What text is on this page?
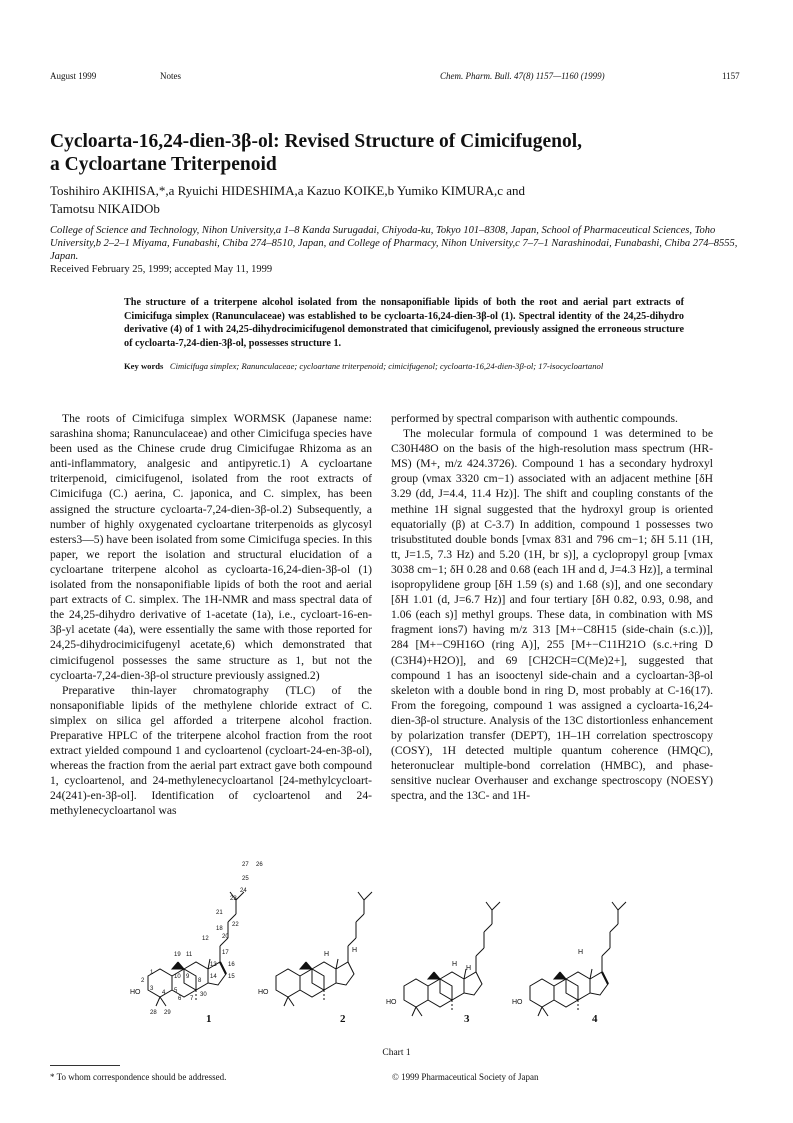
August 1999	Notes	Chem. Pharm. Bull. 47(8) 1157—1160 (1999)	1157
Cycloarta-16,24-dien-3β-ol: Revised Structure of Cimicifugenol,
a Cycloartane Triterpenoid
Toshihiro AKIHISA,*,a Ryuichi HIDESHIMA,a Kazuo KOIKE,b Yumiko KIMURA,c and
Tamotsu NIKAIDOb
College of Science and Technology, Nihon University,a 1–8 Kanda Surugadai, Chiyoda-ku, Tokyo 101–8308, Japan, School of Pharmaceutical Sciences, Toho University,b 2–2–1 Miyama, Funabashi, Chiba 274–8510, Japan, and College of Pharmacy, Nihon University,c 7–7–1 Narashinodai, Funabashi, Chiba 274–8555, Japan.
Received February 25, 1999; accepted May 11, 1999
The structure of a triterpene alcohol isolated from the nonsaponifiable lipids of both the root and aerial part extracts of Cimicifuga simplex (Ranunculaceae) was established to be cycloarta-16,24-dien-3β-ol (1). Spectral identity of the 24,25-dihydro derivative (4) of 1 with 24,25-dihydrocimicifugenol demonstrated that cimicifugenol, previously assigned the erroneous structure of cycloarta-7,24-dien-3β-ol, possesses structure 1.
Key words Cimicifuga simplex; Ranunculaceae; cycloartane triterpenoid; cimicifugenol; cycloarta-16,24-dien-3β-ol; 17-isocycloartanol

The roots of Cimicifuga simplex WORMSK (Japanese name: sarashina shoma; Ranunculaceae) and other Cimicifuga species have been used as the Chinese crude drug Cimicifugae Rhizoma as an anti-inflammatory, analgesic and antipyretic.1) A cycloartane triterpenoid, cimicifugenol, isolated from the root extracts of Cimicifuga (C.) aerina, C. japonica, and C. simplex, has been assigned the structure cycloarta-7,24-dien-3β-ol.2) Subsequently, a number of highly oxygenated cycloartane triterpenoids as glycosyl esters3—5) have been isolated from some Cimicifuga species. In this paper, we report the isolation and structural elucidation of a cycloartane triterpene alcohol as cycloarta-16,24-dien-3β-ol (1) isolated from the nonsaponifiable lipids of both the root and aerial part extracts of C. simplex. The 1H-NMR and mass spectral data of the 24,25-dihydro derivative of 1-acetate (1a), i.e., cycloart-16-en-3β-yl acetate (4a), were essentially the same with those reported for 24,25-dihydrocimicifugenyl acetate,6) which demonstrated that cimicifugenol possesses the same structure as 1, but not the cycloarta-7,24-dien-3β-ol structure previously assigned.2)

Preparative thin-layer chromatography (TLC) of the nonsaponifiable lipids of the methylene chloride extract of C. simplex on silica gel afforded a triterpene alcohol fraction. Preparative HPLC of the triterpene alcohol fraction from the root extract yielded compound 1 and cycloartenol (cycloart-24-en-3β-ol), whereas the fraction from the aerial part extract gave both compound 1, cycloartenol, and 24-methylenecycloartanol [24-methylcycloart-24(241)-en-3β-ol]. Identification of cycloartenol and 24-methylenecycloartanol was

performed by spectral comparison with authentic compounds.

The molecular formula of compound 1 was determined to be C30H48O on the basis of the high-resolution mass spectrum (HR-MS) (M+, m/z 424.3726). Compound 1 has a secondary hydroxyl group (νmax 3320 cm−1) associated with an adjacent methine [δH 3.29 (dd, J=4.4, 11.4 Hz)]. The shift and coupling constants of the methine 1H signal suggested that the hydroxyl group is oriented equatorially (β) at C-3.7) In addition, compound 1 possesses two trisubstituted double bonds [νmax 831 and 796 cm−1; δH 5.11 (1H, tt, J=1.5, 7.3 Hz) and 5.20 (1H, br s)], a cyclopropyl group [νmax 3038 cm−1; δH 0.28 and 0.68 (each 1H and d, J=4.3 Hz)], a terminal isopropylidene group [δH 1.59 (s) and 1.68 (s)], and one secondary [δH 1.01 (d, J=6.7 Hz)] and four tertiary [δH 0.82, 0.93, 0.98, and 1.06 (each s)] methyl groups. These data, in combination with MS fragment ions7) having m/z 313 [M+−C8H15 (side-chain (s.c.))], 284 [M+−C9H16O (ring A)], 255 [M+−C11H21O (s.c.+ring D (C3H4)+H2O)], and 69 [CH2CH=C(Me)2+], suggested that compound 1 has an isooctenyl side-chain and a cycloartan-3β-ol skeleton with a double bond in ring D, most probably at C-16(17). From the foregoing, compound 1 was assigned a cycloarta-16,24-dien-3β-ol structure. Analysis of the 13C distortionless enhancement by polarization transfer (DEPT), 1H–1H correlation spectroscopy (COSY), 1H detected multiple quantum coherence (HMQC), heteronuclear multiple-bond correlation (HMBC), and phase-sensitive nuclear Overhauser and exchange spectroscopy (NOESY) spectra, and the 13C- and 1H-

27 26
25
24
23
21
22
18
20
12
17
19 11
13 16
15
14
1
2
3
10 9
8
5
4
6 7
30
28 29
HO
1
H
H
HO
2
H
H
HO
3
H
HO
4
Chart 1
* To whom correspondence should be addressed.	© 1999 Pharmaceutical Society of Japan
